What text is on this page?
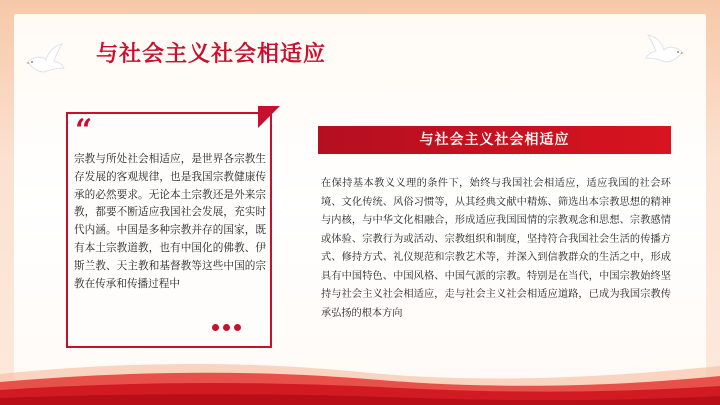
与社会主义社会相适应
“
宗教与所处社会相适应，是世界各宗教生存发展的客观规律，也是我国宗教健康传承的必然要求。无论本土宗教还是外来宗教，都要不断适应我国社会发展，充实时代内涵。中国是多种宗教并存的国家，既有本土宗教道教，也有中国化的佛教、伊斯兰教、天主教和基督教等这些中国的宗教在传承和传播过程中
与社会主义社会相适应
在保持基本教义义理的条件下，始终与我国社会相适应，适应我国的社会环境、文化传统、风俗习惯等，从其经典文献中精炼、筛选出本宗教思想的精神与内核，与中华文化相融合，形成适应我国国情的宗教观念和思想、宗教感情或体验、宗教行为或活动、宗教组织和制度，坚持符合我国社会生活的传播方式、修持方式、礼仪规范和宗教艺术等，并深入到信教群众的生活之中，形成具有中国特色、中国风格、中国气派的宗教。特别是在当代，中国宗教始终坚持与社会主义社会相适应，走与社会主义社会相适应道路，已成为我国宗教传承弘扬的根本方向
